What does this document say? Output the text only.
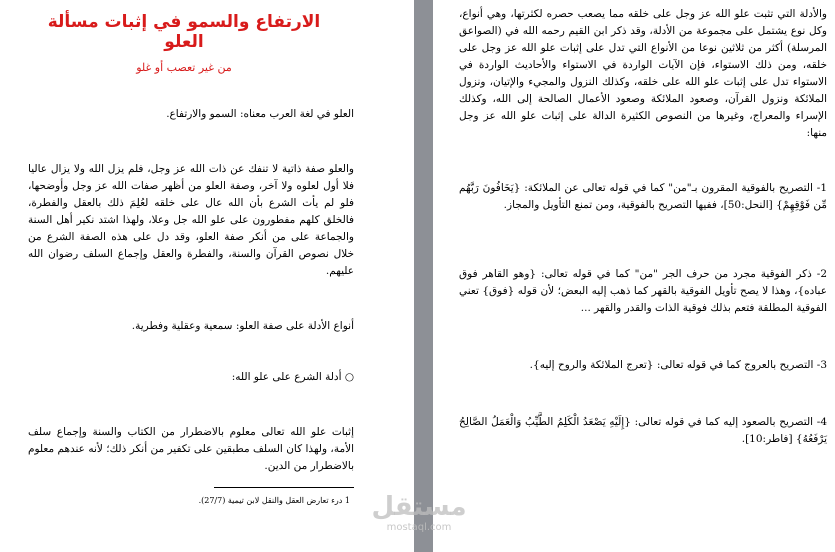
الارتفاع والسمو في إثبات مسألة العلو

من غير تعصب أو غلو

العلو في لغة العرب معناه: السمو والارتفاع.

والعلو صفة ذاتية لا تنفك عن ذات الله عز وجل، فلم يزل الله ولا يزال عاليا فلا أول لعلوه ولا آخر، وصفة العلو من أظهر صفات الله عز وجل وأوضحها، فلو لم يأت الشرع بأن الله عال على خلقه لعُلِمَ ذلك بالعقل والفطرة، فالخلق كلهم مفطورون على علو الله جل وعلا، ولهذا اشتد نكير أهل السنة والجماعة على من أنكر صفة العلو، وقد دل على هذه الصفة الشرع من خلال نصوص القرآن والسنة، والفطرة والعقل وإجماع السلف رضوان الله عليهم.

أنواع الأدلة على صفة العلو: سمعية وعقلية وفطرية.

○ أدلة الشرع على علو الله:

إثبات علو الله تعالى معلوم بالاضطرار من الكتاب والسنة وإجماع سلف الأمة، ولهذا كان السلف مطبقين على تكفير من أنكر ذلك؛ لأنه عندهم معلوم بالاضطرار من الدين.

1 درء تعارض العقل والنقل لابن تيمية (27/7).

والأدلة التي تثبت علو الله عز وجل على خلقه مما يصعب حصره لكثرتها، وهي أنواع، وكل نوع يشتمل على مجموعة من الأدلة، وقد ذكر ابن القيم رحمه الله في (الصواعق المرسلة) أكثر من ثلاثين نوعا من الأنواع التي تدل على إثبات علو الله عز وجل على خلقه، ومن ذلك الاستواء، فإن الآيات الواردة في الاستواء والأحاديث الواردة في الاستواء تدل على إثبات علو الله على خلقه، وكذلك النزول والمجيء والإتيان، ونزول الملائكة ونزول القرآن، وصعود الملائكة وصعود الأعمال الصالحة إلى الله، وكذلك الإسراء والمعراج، وغيرها من النصوص الكثيرة الدالة على إثبات علو الله عز وجل منها:

1- التصريح بالفوقية المقرون بـ"من" كما في قوله تعالى عن الملائكة: {يَخَافُونَ رَبَّهُم مِّن فَوْقِهِمْ} [النحل:50]، ففيها التصريح بالفوقية، ومن تمنع التأويل والمجاز.

2- ذكر الفوقية مجرد من حرف الجر "من" كما في قوله تعالى: {وهو القاهر فوق عباده}، وهذا لا يصح تأويل الفوقية بالقهر كما ذهب إليه البعض؛ لأن قوله {فوق} تعني الفوقية المطلقة فتعم بذلك فوقية الذات والقدر والقهر ...

3- التصريح بالعروج كما في قوله تعالى: {تعرج الملائكة والروح إليه}.

4- التصريح بالصعود إليه كما في قوله تعالى: {إِلَيْهِ يَصْعَدُ الْكَلِمُ الطَّيِّبُ وَالْعَمَلُ الصَّالِحُ يَرْفَعُهُ} [فاطر:10].

مستقل
mostaql.com
